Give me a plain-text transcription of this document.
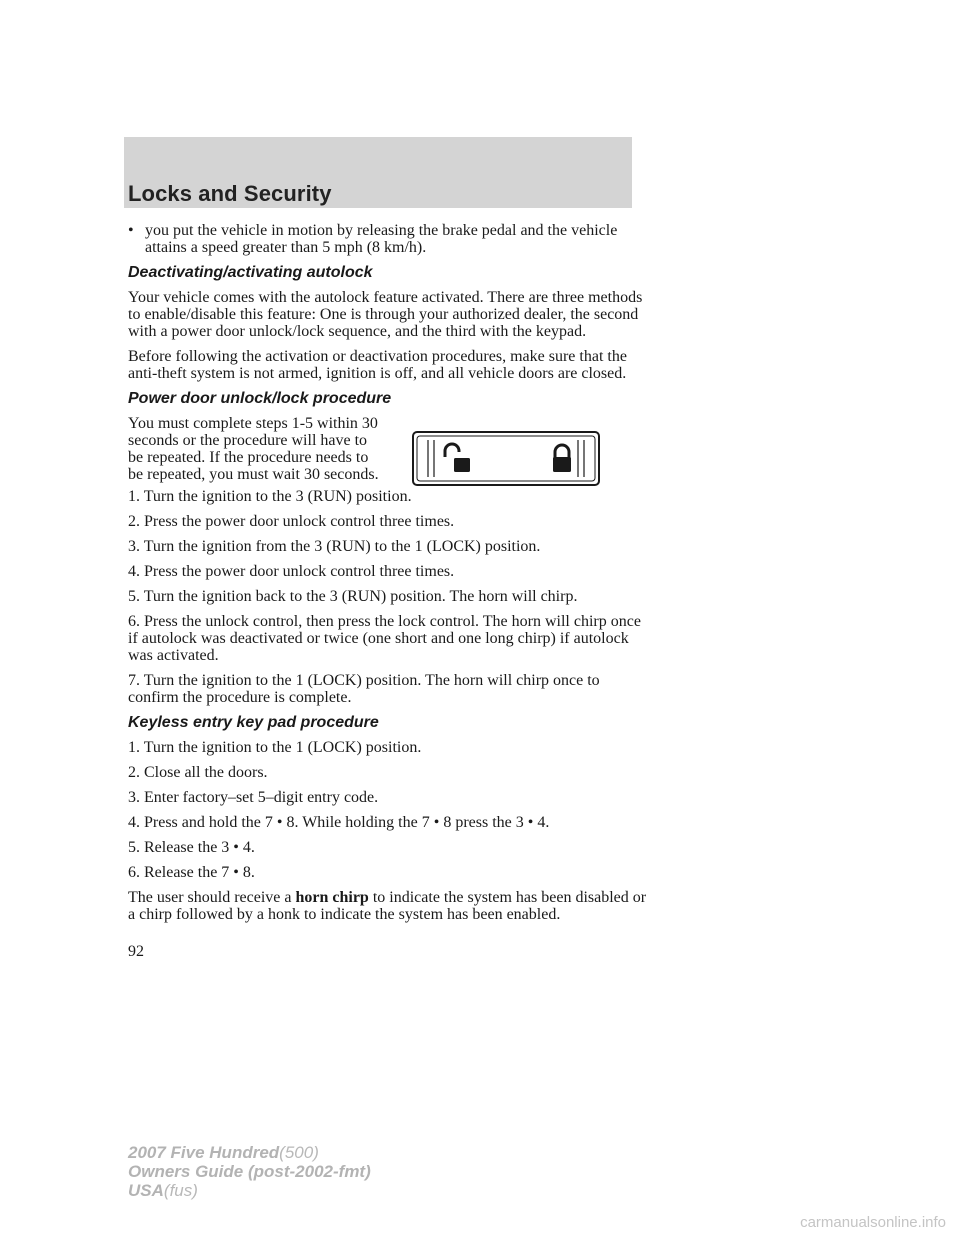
Locks and Security
• you put the vehicle in motion by releasing the brake pedal and the vehicle attains a speed greater than 5 mph (8 km/h).
Deactivating/activating autolock

Your vehicle comes with the autolock feature activated. There are three methods to enable/disable this feature: One is through your authorized dealer, the second with a power door unlock/lock sequence, and the third with the keypad.

Before following the activation or deactivation procedures, make sure that the anti-theft system is not armed, ignition is off, and all vehicle doors are closed.

Power door unlock/lock procedure

You must complete steps 1-5 within 30 seconds or the procedure will have to be repeated. If the procedure needs to be repeated, you must wait 30 seconds.

1. Turn the ignition to the 3 (RUN) position.

2. Press the power door unlock control three times.

3. Turn the ignition from the 3 (RUN) to the 1 (LOCK) position.

4. Press the power door unlock control three times.

5. Turn the ignition back to the 3 (RUN) position. The horn will chirp.

6. Press the unlock control, then press the lock control. The horn will chirp once if autolock was deactivated or twice (one short and one long chirp) if autolock was activated.

7. Turn the ignition to the 1 (LOCK) position. The horn will chirp once to confirm the procedure is complete.

Keyless entry key pad procedure

1. Turn the ignition to the 1 (LOCK) position.

2. Close all the doors.

3. Enter factory–set 5–digit entry code.

4. Press and hold the 7 • 8. While holding the 7 • 8 press the 3 • 4.

5. Release the 3 • 4.

6. Release the 7 • 8.

The user should receive a horn chirp to indicate the system has been disabled or a chirp followed by a honk to indicate the system has been enabled.

92
2007 Five Hundred(500)
Owners Guide (post-2002-fmt)
USA(fus)
carmanualsonline.info
